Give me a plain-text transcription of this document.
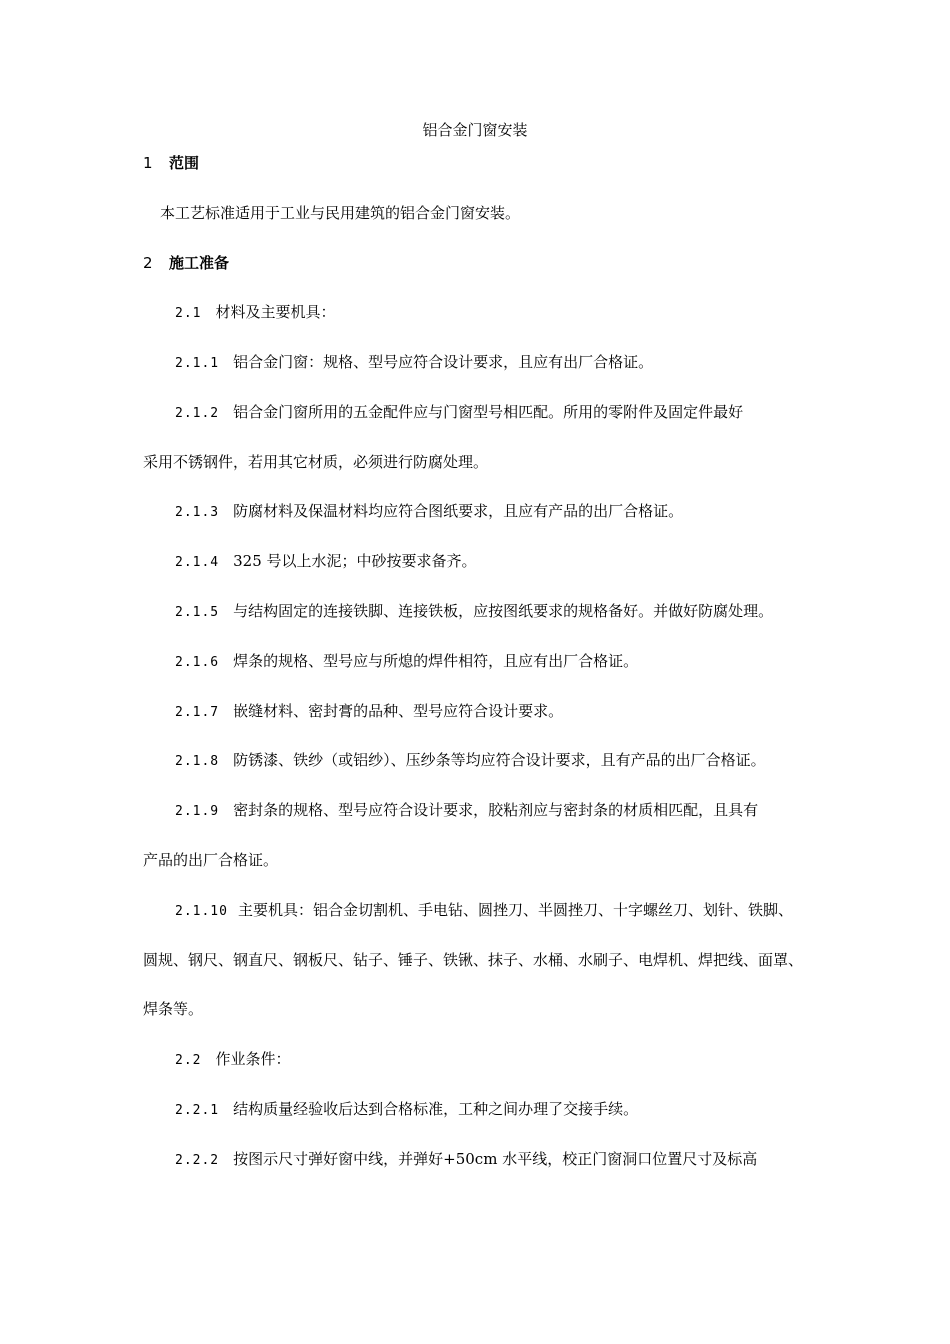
铝合金门窗安装
1 范围
本工艺标准适用于工业与民用建筑的铝合金门窗安装。
2 施工准备
2.1 材料及主要机具：
2.1.1 铝合金门窗：规格、型号应符合设计要求，且应有出厂合格证。
2.1.2 铝合金门窗所用的五金配件应与门窗型号相匹配。所用的零附件及固定件最好
采用不锈钢件，若用其它材质，必须进行防腐处理。
2.1.3 防腐材料及保温材料均应符合图纸要求，且应有产品的出厂合格证。
2.1.4 325 号以上水泥；中砂按要求备齐。
2.1.5 与结构固定的连接铁脚、连接铁板，应按图纸要求的规格备好。并做好防腐处理。
2.1.6 焊条的规格、型号应与所熄的焊件相符，且应有出厂合格证。
2.1.7 嵌缝材料、密封膏的品种、型号应符合设计要求。
2.1.8 防锈漆、铁纱（或铝纱）、压纱条等均应符合设计要求，且有产品的出厂合格证。
2.1.9 密封条的规格、型号应符合设计要求，胶粘剂应与密封条的材质相匹配，且具有
产品的出厂合格证。
2.1.10 主要机具：铝合金切割机、手电钻、圆挫刀、半圆挫刀、十字螺丝刀、划针、铁脚、
圆规、钢尺、钢直尺、钢板尺、钻子、锤子、铁锹、抹子、水桶、水刷子、电焊机、焊把线、面罩、
焊条等。
2.2 作业条件：
2.2.1 结构质量经验收后达到合格标准，工种之间办理了交接手续。
2.2.2 按图示尺寸弹好窗中线，并弹好+50cm 水平线，校正门窗洞口位置尺寸及标高
